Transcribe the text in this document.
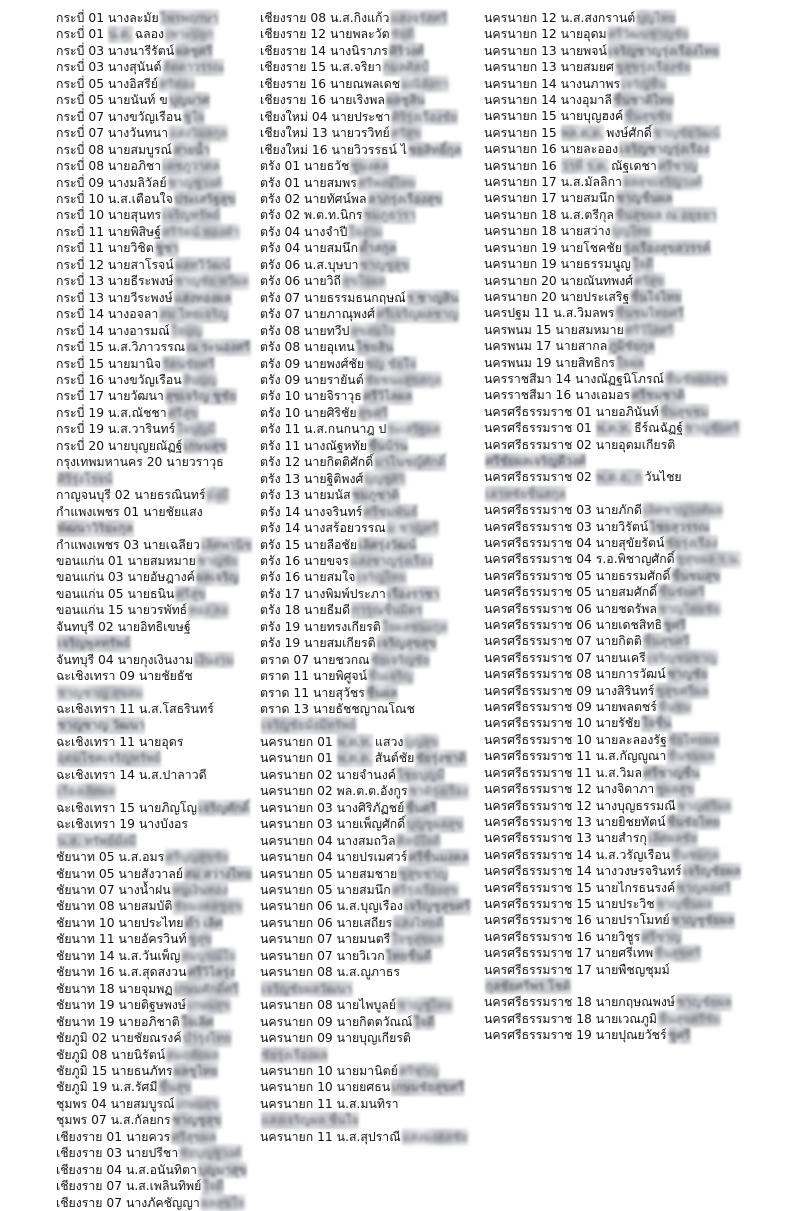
กระบี่ 01 นางละมัย ไพรพฤกษา
กระบี่ 01 น.ต. ฉลอง เพาะปลูก
กระบี่ 03 นางนารีรัตน์ ผลชูศรี
กระบี่ 03 นางสุนันต์ ลัดดาวรรณ
กระบี่ 05 นางอิสรีย์ ศรีทอง
กระบี่ 05 นายนันท์ ข บุญมาศ
กระบี่ 07 นางขวัญเรือน ชูใจ
กระบี่ 07 นางวันทนา แสงวิมลกุล
กระบี่ 08 นายสมบูรณ์ สายน้ำ
กระบี่ 08 นายอภิชา เดชภูวาดล
กระบี่ 09 นางมลิวัลย์ ชาญชูวงศ์
กระบี่ 10 น.ส.เตือนใจ ประเสริฐสุข
กระบี่ 10 นายสุนทร เจริญทรัพย์
กระบี่ 11 นายพิสิษฐ์ ศรีรัตน์ ทองคำ
กระบี่ 11 นายวิชิต ชูชา
กระบี่ 12 นายสาโรจน์ ผลทวีวัฒน์
กระบี่ 13 นายธีระพงษ์ ชาญชัย ทวีผล
กระบี่ 13 นายวีระพงษ์ แสงทองผล
กระบี่ 14 นางอจลา สม ไทยเจริญ
กระบี่ 14 นางอารมณ์ ใจบุญ
กระบี่ 15 น.ส.วิภาวรรณ ณ ระนองศรี
กระบี่ 15 นายมานิจ รัตนชัยศรี
กระบี่ 16 นางขวัญเรือน สินบุญ
กระบี่ 17 นายวัฒนา สุขเจริญ ชูชัย
กระบี่ 19 น.ส.ณัชชา ศรีสุข
กระบี่ 19 น.ส.วารินทร์ ใจบุญมี
กระบี่ 20 นายบุญยณัฏฐ์ เกษมสุข
กรุงเทพมหานคร 20 นายวราวุธศิริรุ่งโรจน์
กาญจนบุรี 02 นายธรณินทร์ มั่งมี
กำแพงเพชร 01 นายชัยแสงพัฒนาวิริยะกุล
กำแพงเพชร 03 นายเฉลียว เลิศพานิช
ขอนแก่น 01 นายสมหมาย ชาญชัย
ขอนแก่น 03 นายอัษฎางค์ ผลเจริญ
ขอนแก่น 05 นายธนิน ศรีสุข
ขอนแก่น 15 นายวรพัทธ์ ทอง ลอ
จันทบุรี 02 นายอิทธิเขษฐ์เจริญพูลทรัพย์
จันทบุรี 04 นายกุงเงินงาม เงินงาม
ฉะเชิงเทรา 09 นายชัยธัชชาญชาญ สุขสม
ฉะเชิงเทรา 11 น.ส.โสธรินทร์ชาญชาญ วัฒนา
ฉะเชิงเทรา 11 นายอุดรอุดมโชคเจริญทรัพย์
ฉะเชิงเทรา 14 น.ส.ปาลาวดีเรืองเลิศผล
ฉะเชิงเทรา 15 นายภิญโญ เจริญศักดิ์
ฉะเชิงเทรา 19 นางบังอรน.ส. ทรัพย์มั่งมี
ชัยนาท 05 น.ส.อมร ศรีบุญสุขชัย
ชัยนาท 05 นายสังวาลย์ สม สว่างไทย
ชัยนาท 07 นางน้ำฝน หนูเงินทอง
ชัยนาท 08 นายสมบัติ ชัยมงคลชูสุข
ชัยนาท 10 นายประไทย ดำ เลิศ
ชัยนาท 11 นายอัครวินท์ ชูสุข
ชัยนาท 14 น.ส.วันเพ็ญ สมบูรณ์ใจ
ชัยนาท 16 น.ส.สุดสงวน ศรีวิไลรุ่ง
ชัยนาท 18 นายจุมพฏ เกษมศักดิ์ศรี
ชัยนาท 19 นายติฐษพงษ์ เกษมสุข
ชัยนาท 19 นายอภิชาติ ใจเลิศ
ชัยภูมิ 02 นายชัยณรงค์ บำรุงไทย
ชัยภูมิ 08 นายนิรัตน์ สมฤทัยผล
ชัยภูมิ 15 นายธนภัทร ผลชูไทย
ชัยภูมิ 19 น.ส.รัศมี ชื่นสุข
ชุมพร 04 นายสมบูรณ์ เกษมสุข
ชุมพร 07 น.ส.กัลยกร ชาญชูสุข
เชียงราย 01 นายควร ศรีสุขผล
เชียงราย 03 นายปรีชา ชัยบุญชูวงศ์
เชียงราย 04 น.ส.อนันทิตา บุญมาสุข
เชียงราย 07 น.ส.เพลินทิพย์ ใจดี
เชียงราย 07 นางภัคชัญญา ผลสุขใจ
เชียงราย 08 น.ส.กิงแก้ว แสงจรัสศรี
เชียงราย 12 นายพละวัต ชัยดี
เชียงราย 14 นางนิราภร ศิริวงศ์
เชียงราย 15 น.ส.จริยา กมลศิลป์
เชียงราย 16 นายณพลเดช มณีลังกา
เชียงราย 16 นายเริงพล ผลชูสิน
เชียงใหม่ 04 นายประชา ศิริรุ่งเรืองชัย
เชียงใหม่ 13 นายวรวิทย์ ศรีสุข
เชียงใหม่ 16 นายวิวรรธน์ ไ ชยสิทธิ์กุล
ตรัง 01 นายธวัช ชูมงคล
ตรัง 01 นายสมพร ศรีพงษ์ไทย
ตรัง 02 นายทัศน์พล ลาภรุ่งเรืองสุข
ตรัง 02 พ.ต.ท.นิกร ชมภูธารา
ตรัง 04 นางจำปี ใจงาม
ตรัง 04 นายสมนึก ด้ำสกุล
ตรัง 06 น.ส.บุษบา ชาญชูสุข
ตรัง 06 นายวิถี สุขใจผล
ตรัง 07 นายธรรมธนกฤษณ์ ร ชาญสิน
ตรัง 07 นายภาณุพงศ์ ศรีเจริญผลชาญ
ตรัง 08 นายทวีป สุขสมใจ
ตรัง 08 นายอุเทน ไชยสิน
ตรัง 09 นายพงศ์ชัย ชญ ชัยใจ
ตรัง 09 นายรายันต์ ชัยชนะสุขสกุล
ตรัง 10 นายจิราวุธ ศรีวิไลผล
ตรัง 10 นายศิริชัย สุขศรี
ตรัง 11 น.ส.กนกนาฎ ป ระเสริฐผล
ตรัง 11 นางณัฐหทัย ชื่นบ้าน
ตรัง 12 นายกิตติศักดิ์ มาโนชญ์ศักดิ์
ตรัง 13 นายฐิติพงศ์ บุญชูศิริ
ตรัง 13 นายมนัส ชมภูชาติ
ตรัง 14 นางจรินทร์ ศรีชมพันธ์
ตรัง 14 นางสร้อยวรรณ ม ชาญศรี
ตรัง 15 นายลือชัย เลิศรุ่งวัฒน์
ตรัง 16 นายขจร แสงชาญรุ่งเรือง
ตรัง 16 นายสมใจ เจริญไทย
ตรัง 17 นางพิมพ์ประภา เรืองราชา
ตรัง 18 นายธีมดี การุณชื่นมิตร
ตรัง 19 นายทรงเกียรติ ใจผลชนะกุล
ตรัง 19 นายสมเกียรติ เจริญสุขสุข
ตราด 07 นายชวกณ ชัยเจริญชัย
ตราด 11 นายพิศูจน์ ชื่นเจริญ
ตราด 11 นายสุวัชร ชื่นผล
ตราด 13 นายธัชชญาณโณชเจริญชัยมั่งมีทรัพย์
นครนายก 01 พ.ต.ท. แสวง บุญสุข
นครนายก 01 พ.ต.ต. สันต์ชัย ชัยรุ่งชาติ
นครนายก 02 นายจำนงค์ ไชยบุญมี
นครนายก 02 พล.ต.ต.อังกูร ชาติรุ่งเรือง
นครนายก 03 นางศิริภัฏชย์ ชื่นศรี
นครนายก 03 นายเพ็ญศักดิ์ บุญชูผลสุข
นครนายก 04 นางสมถวิล ศิลป์ใจดี
นครนายก 04 นายปรเมศวร์ ศรีชื่นมงคล
นครนายก 05 นายสมชาย ชูสุขชาญ
นครนายก 05 นายสมนึก ศรีรุ่งเรืองสุข
นครนายก 06 น.ส.บุญเรือง เจริญชูสุขศรี
นครนายก 06 นายเสถียร แสงไทยดี
นครนายก 07 นายมนตรี ใจชูสุขผล
นครนายก 07 นายวิเวก ไทยชื่นดี
นครนายก 08 น.ส.ญูภาธรเจริญชัยผลวัฒนา
นครนายก 08 นายไพบูลย์ ชาญชูไทย
นครนายก 09 นายกิตตวัณณ์ ใจดี
นครนายก 09 นายบุญเกียรติชัยรุ่งเรืองผล
นครนายก 10 นายมานิตย์ ศรีชาญ
นครนายก 10 นายยศธน เกษมชัยสุขศรี
นครนายก 11 น.ส.มนทิราแสงเจริญผล ชื่นใจ
นครนายก 11 น.ส.สุปราณี แสงมงคลชัย
นครนายก 12 น.ส.สงกรานต์ บุญไทย
นครนายก 12 นายอุดม ศรีวัฒนชาญชัย
นครนายก 13 นายพจน์ เจริญชาญรุ่งเรืองไทย
นครนายก 13 นายสมยศ ชูสุขรุ่งเรืองชัย
นครนายก 14 นางนภาพร เจริญชื่น
นครนายก 14 นางอุมาลี ชื่นชาติไทย
นครนายก 15 นายบุญฮงค์ ชื่นสุขชัย
นครนายก 15 พล.ต.ต. พงษ์ศักดิ์ ชาญชัยวัฒน์
นครนายก 16 นายละออง เจริญชาญรุ่งเรือง
นครนายก 16 ว่าที่ ร.ต. ณัฐเดชา ศรีชาญ
นครนายก 17 น.ส.มัลลิกา ผลสุขเจริญวงศ์
นครนายก 17 นายสมนึก ชาญชื่นผล
นครนายก 18 น.ส.ตรีกุล ชื่นสุขผล ณ อยุธยา
นครนายก 18 นายสว่าง บุญไทย
นครนายก 19 นายโชคชัย รุ่งเรืองสุขสวรรค์
นครนายก 19 นายธรรมนูญ ใจดี
นครนายก 20 นายณันทพงศ์ ศรีสุข
นครนายก 20 นายประเสริฐ ชื่นใจไทย
นครปฐม 11 น.ส.วิมลพร ชื่นชมไทยศรี
นครพนม 15 นายสมหมาย ศรีวิไลศรี
นครพนม 17 นายสากล ภูมิชัยกุล
นครพนม 19 นายสิทธิกร ใจผล
นครราชสีมา 14 นางณัฏฐนิโภรณ์ ชื่นชัยผลสุข
นครราชสีมา 16 นางเอมอร ศรีชมชาติ
นครศรีธรรมราช 01 นายอภินันท์ ชื่นสุขชม
นครศรีธรรมราช 01 พ.ต.ท. ธีร์ณฉัฏฐ์ ชาญชัยศรี
นครศรีธรรมราช 02 นายอุดมเกียรติศรีชัยผลเจริญดีวงศ์
นครศรีธรรมราช 02 พ.ต.อ. ก วันไชยเลาหชัยชื่นสกุล
นครศรีธรรมราช 03 นายภักดี เลิศชาญวงศ์ผล
นครศรีธรรมราช 03 นายวิรัตน์ ไชยสุวรรณ
นครศรีธรรมราช 04 นายสุขัยรัตน์ ชัยรุ่งเรือง
นครศรีธรรมราช 04 ร.อ.พิชาญศักดิ์ ชูสุขผล ร.น.
นครศรีธรรมราช 05 นายธรรมศักดิ์ ชื่นชมสุข
นครศรีธรรมราช 05 นายสมศักดิ์ ชื่นชัยศรี
นครศรีธรรมราช 06 นายชดรัพล ชาญไทยชัย
นครศรีธรรมราช 06 นายเดชสิทธิ ชูศรี
นครศรีธรรมราช 07 นายกิตติ ชื่นสุขศรี
นครศรีธรรมราช 07 นายนเครี เจริญชนชาญ
นครศรีธรรมราช 08 นายการวัฒน์ ชาญชัย
นครศรีธรรมราช 09 นางสิรินทร์ ชูสุขศรีผล
นครศรีธรรมราช 09 นายพลตชร์ ชื่นชม
นครศรีธรรมราช 10 นายรัชัย ใจชื่น
นครศรีธรรมราช 10 นายละลองรัฐ ชัยไทยผล
นครศรีธรรมราช 11 น.ส.กัญญูณา ชื่นชมผล
นครศรีธรรมราช 11 น.ส.วิมล ศรีชาญชื่น
นครศรีธรรมราช 12 นางจิดาภา ชูผลสุข
นครศรีธรรมราช 12 นางบุญธรรมณี ชาญศรีผล
นครศรีธรรมราช 13 นายยิชยทัตน์ ชื่นชัยไทย
นครศรีธรรมราช 13 นายสำรกุ เลิศผลชัย
นครศรีธรรมราช 14 น.ส.วรัญเรือน ชื่นชมกุล
นครศรีธรรมราช 14 นางวงษรจรินทร์ เจริญชัยผล
นครศรีธรรมราช 15 นายไกรธนรงค์ ชาญผลศรี
นครศรีธรรมราช 15 นายประวิช ชาญชื่นผล
นครศรีธรรมราช 16 นายปราโมทย์ ชาญชูชัยผล
นครศรีธรรมราช 16 นายวิชูร ศรีชาญ
นครศรีธรรมราช 17 นายศรีเทพ ชื่นสุขศรี
นครศรีธรรมราช 17 นายพืชญชุมม์กุลชัยศรีพร โชติ
นครศรีธรรมราช 18 นายกฤษณพงษ์ ชาญชัยผล
นครศรีธรรมราช 18 นายเวณภูมิ ชื่นสุขศรีชัย
นครศรีธรรมราช 19 นายปุณยวัชร์ ชูศรี
